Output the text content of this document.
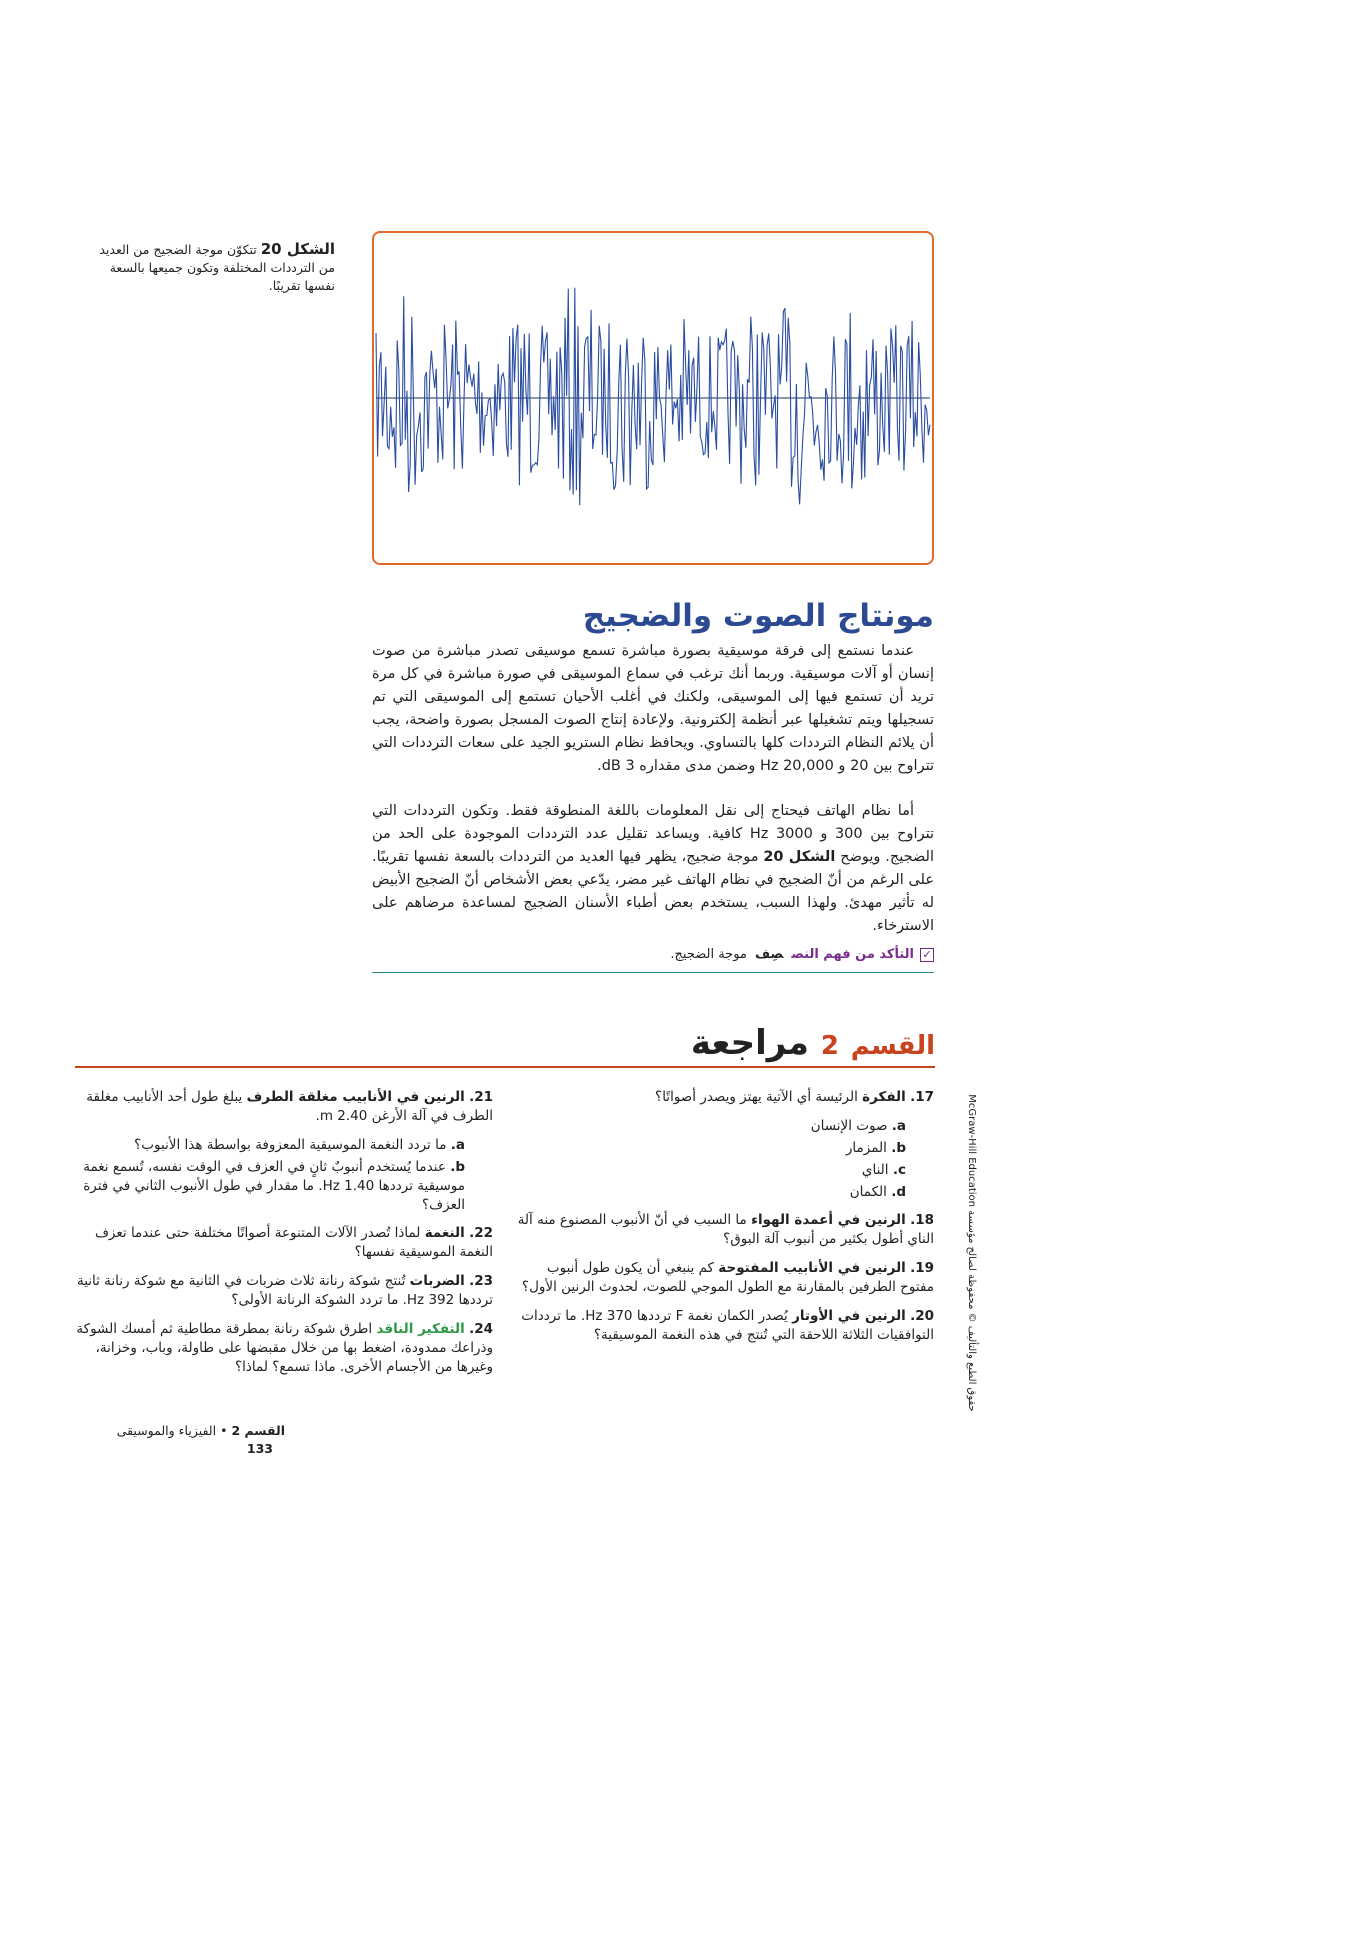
الشكل 20 تتكوّن موجة الضجيج من العديد من الترددات المختلفة وتكون جميعها بالسعة نفسها تقريبًا.
مونتاج الصوت والضجيج
عندما نستمع إلى فرقة موسيقية بصورة مباشرة تسمع موسيقى تصدر مباشرة من صوت إنسان أو آلات موسيقية. وربما أنك ترغب في سماع الموسيقى في صورة مباشرة في كل مرة تريد أن تستمع فيها إلى الموسيقى، ولكنك في أغلب الأحيان تستمع إلى الموسيقى التي تم تسجيلها ويتم تشغيلها عبر أنظمة إلكترونية. ولإعادة إنتاج الصوت المسجل بصورة واضحة، يجب أن يلائم النظام الترددات كلها بالتساوي. ويحافظ نظام الستريو الجيد على سعات الترددات التي تتراوح بين 20 و 20,000 Hz وضمن مدى مقداره 3 dB.
أما نظام الهاتف فيحتاج إلى نقل المعلومات باللغة المنطوقة فقط. وتكون الترددات التي تتراوح بين 300 و 3000 Hz كافية. ويساعد تقليل عدد الترددات الموجودة على الحد من الضجيج. ويوضح الشكل 20 موجة ضجيج، يظهر فيها العديد من الترددات بالسعة نفسها تقريبًا. على الرغم من أنّ الضجيج في نظام الهاتف غير مضر، يدّعي بعض الأشخاص أنّ الضجيج الأبيض له تأثير مهدئ. ولهذا السبب، يستخدم بعض أطباء الأسنان الضجيج لمساعدة مرضاهم على الاسترخاء.
✓التأكد من فهم النصصِف موجة الضجيج.
القسم 2 مراجعة
17. الفكرة الرئيسة أي الآتية يهتز ويصدر أصواتًا؟
a. صوت الإنسان
b. المزمار
c. الناي
d. الكمان
18. الرنين في أعمدة الهواء ما السبب في أنّ الأنبوب المصنوع منه آلة الناي أطول بكثير من أنبوب آلة البوق؟
19. الرنين في الأنابيب المفتوحة كم ينبغي أن يكون طول أنبوب مفتوح الطرفين بالمقارنة مع الطول الموجي للصوت، لحدوث الرنين الأول؟
20. الرنين في الأوتار يُصدر الكمان نغمة F ترددها 370 Hz. ما ترددات التوافقيات الثلاثة اللاحقة التي تُنتج في هذه النغمة الموسيقية؟
21. الرنين في الأنابيب مغلقة الطرف يبلغ طول أحد الأنابيب مغلقة الطرف في آلة الأرغن 2.40 m.
a. ما تردد النغمة الموسيقية المعزوفة بواسطة هذا الأنبوب؟
b. عندما يُستخدم أنبوبٌ ثانٍ في العزف في الوقت نفسه، تُسمع نغمة موسيقية ترددها 1.40 Hz. ما مقدار في طول الأنبوب الثاني في فترة العزف؟
22. النغمة لماذا تُصدر الآلات المتنوعة أصواتًا مختلفة حتى عندما تعزف النغمة الموسيقية نفسها؟
23. الضربات تُنتج شوكة رنانة ثلاث ضربات في الثانية مع شوكة رنانة ثانية ترددها 392 Hz. ما تردد الشوكة الرنانة الأولى؟
24. التفكير الناقد اطرق شوكة رنانة بمطرقة مطاطية ثم أمسك الشوكة وذراعك ممدودة، اضغط بها من خلال مقبضها على طاولة، وباب، وخزانة، وغيرها من الأجسام الأخرى. ماذا تسمع؟ لماذا؟
حقوق الطبع والتأليف © محفوظة لصالح مؤسسة McGraw-Hill Education
القسم 2 • الفيزياء والموسيقى 133
